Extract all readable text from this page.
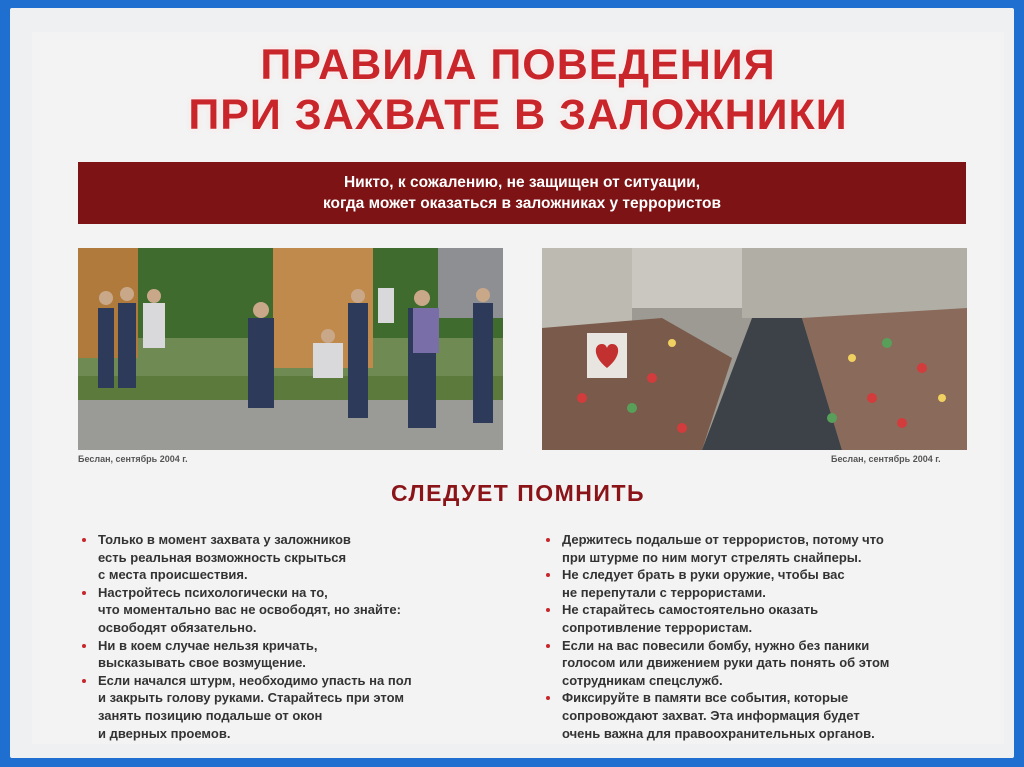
ПРАВИЛА ПОВЕДЕНИЯ
ПРИ ЗАХВАТЕ В ЗАЛОЖНИКИ
Никто, к сожалению, не защищен от ситуации,
когда может оказаться в заложниках у террористов
Беслан, сентябрь 2004 г.	Беслан, сентябрь 2004 г.
СЛЕДУЕТ ПОМНИТЬ
Только в момент захвата у заложников
есть реальная возможность скрыться
с места происшествия.
Настройтесь психологически на то,
что моментально вас не освободят, но знайте:
освободят обязательно.
Ни в коем случае нельзя кричать,
высказывать свое возмущение.
Если начался штурм, необходимо упасть на пол
и закрыть голову руками. Старайтесь при этом
занять позицию подальше от окон
и дверных проемов.
Держитесь подальше от террористов, потому что
при штурме по ним могут стрелять снайперы.
Не следует брать в руки оружие, чтобы вас
не перепутали с террористами.
Не старайтесь самостоятельно оказать
сопротивление террористам.
Если на вас повесили бомбу, нужно без паники
голосом или движением руки дать понять об этом
сотрудникам спецслужб.
Фиксируйте в памяти все события, которые
сопровождают захват. Эта информация будет
очень важна для правоохранительных органов.
